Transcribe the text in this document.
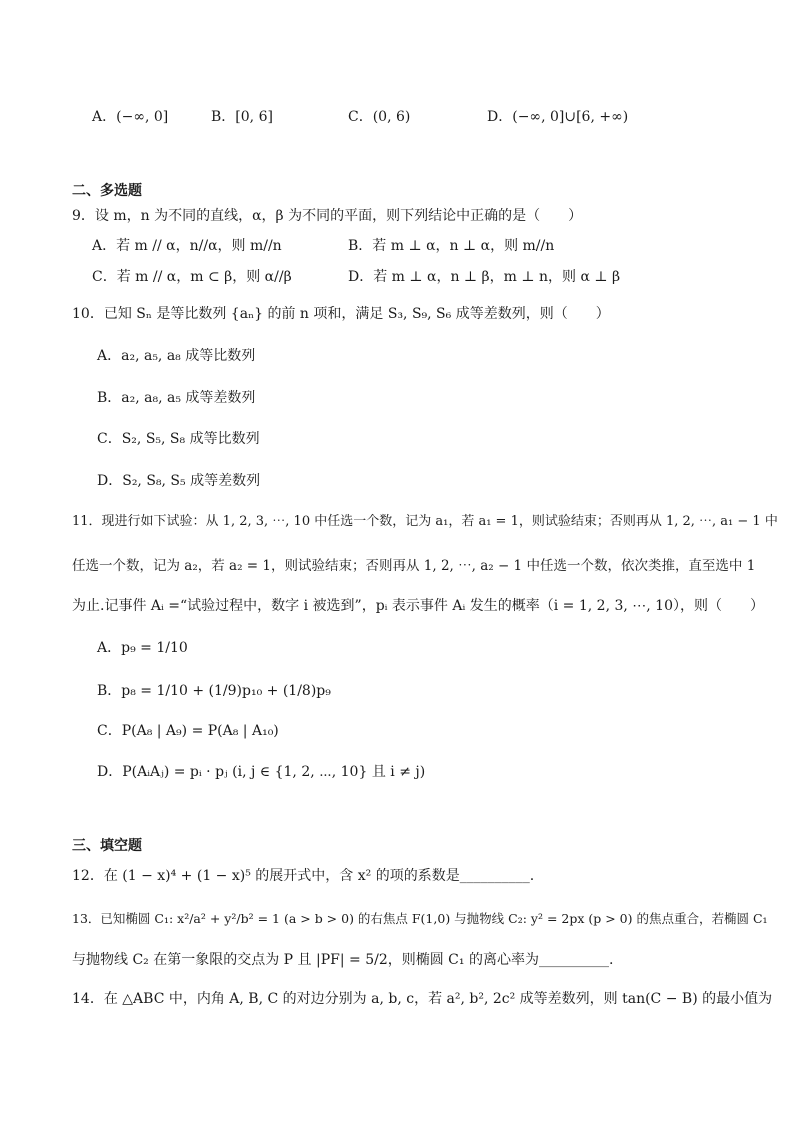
A．(−∞, 0]	B．[0, 6]	C．(0, 6)	D．(−∞, 0]∪[6, +∞)
二、多选题
9．设 m，n 为不同的直线，α，β 为不同的平面，则下列结论中正确的是（　　）
A．若 m // α，n//α，则 m//n	B．若 m ⊥ α，n ⊥ α，则 m//n
C．若 m // α，m ⊂ β，则 α//β	D．若 m ⊥ α，n ⊥ β，m ⊥ n，则 α ⊥ β
10．已知 Sₙ 是等比数列 {aₙ} 的前 n 项和，满足 S₃, S₉, S₆ 成等差数列，则（　　）
A．a₂, a₅, a₈ 成等比数列
B．a₂, a₈, a₅ 成等差数列
C．S₂, S₅, S₈ 成等比数列
D．S₂, S₈, S₅ 成等差数列
11．现进行如下试验：从 1, 2, 3, ⋯, 10 中任选一个数，记为 a₁，若 a₁ = 1，则试验结束；否则再从 1, 2, ⋯, a₁ − 1 中
任选一个数，记为 a₂，若 a₂ = 1，则试验结束；否则再从 1, 2, ⋯, a₂ − 1 中任选一个数，依次类推，直至选中 1
为止.记事件 Aᵢ =“试验过程中，数字 i 被选到”，pᵢ 表示事件 Aᵢ 发生的概率（i = 1, 2, 3, ⋯, 10），则（　　）
A．p₉ = 1/10
B．p₈ = 1/10 + (1/9)p₁₀ + (1/8)p₉
C．P(A₈ | A₉) = P(A₈ | A₁₀)
D．P(AᵢAⱼ) = pᵢ · pⱼ (i, j ∈ {1, 2, ⋯, 10} 且 i ≠ j)
三、填空题
12．在 (1 − x)⁴ + (1 − x)⁵ 的展开式中，含 x² 的项的系数是__________.
13．已知椭圆 C₁: x²/a² + y²/b² = 1 (a > b > 0) 的右焦点 F(1,0) 与抛物线 C₂: y² = 2px (p > 0) 的焦点重合，若椭圆 C₁
与抛物线 C₂ 在第一象限的交点为 P 且 |PF| = 5/2，则椭圆 C₁ 的离心率为__________.
14．在 △ABC 中，内角 A, B, C 的对边分别为 a, b, c，若 a², b², 2c² 成等差数列，则 tan(C − B) 的最小值为
